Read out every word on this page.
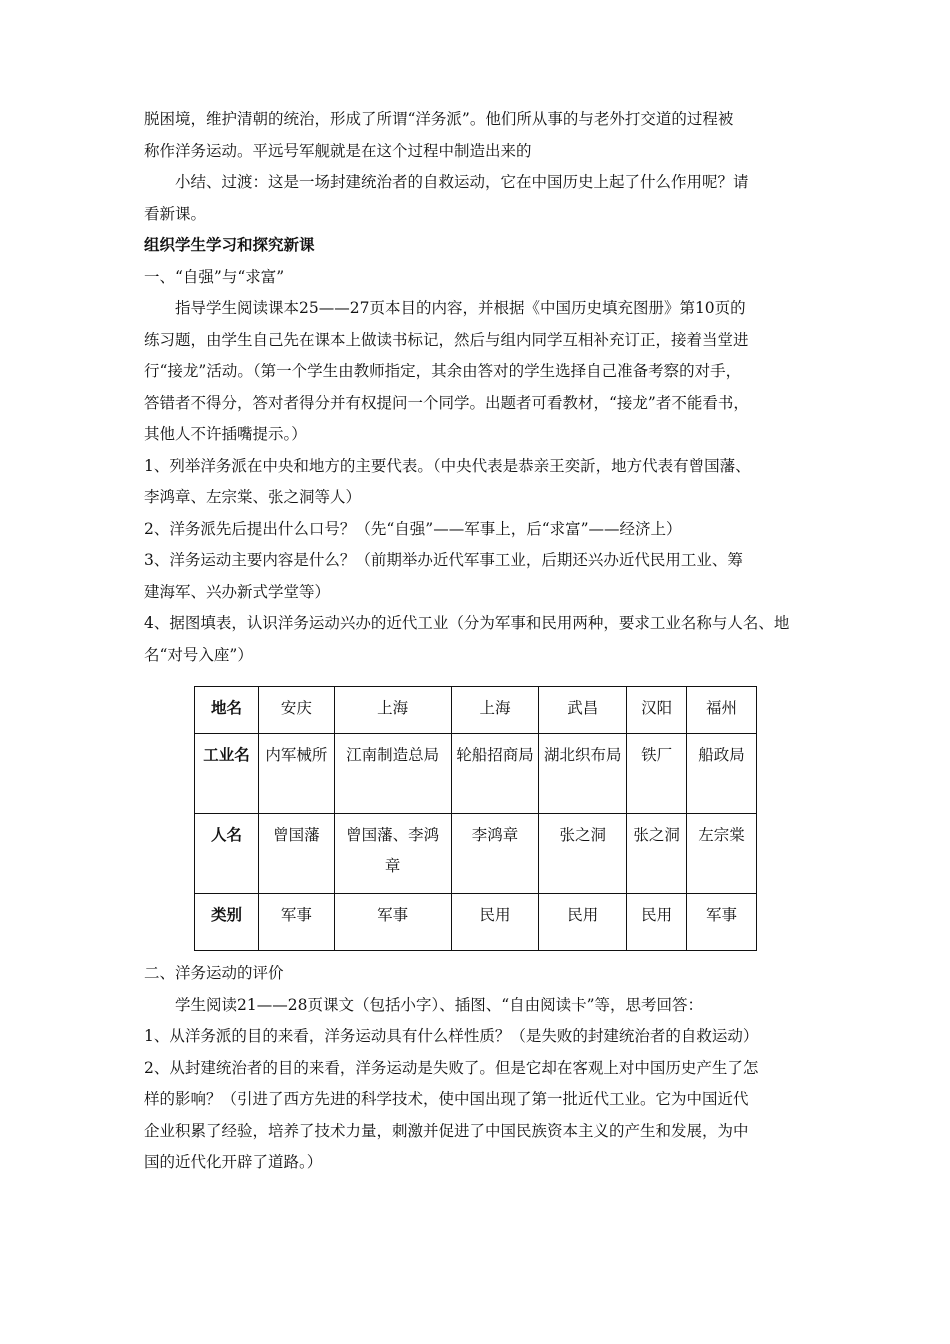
脱困境，维护清朝的统治，形成了所谓“洋务派”。他们所从事的与老外打交道的过程被

称作洋务运动。平远号军舰就是在这个过程中制造出来的

小结、过渡：这是一场封建统治者的自救运动，它在中国历史上起了什么作用呢？请

看新课。

组织学生学习和探究新课

一、“自强”与“求富”

指导学生阅读课本25——27页本目的内容，并根据《中国历史填充图册》第10页的

练习题，由学生自己先在课本上做读书标记，然后与组内同学互相补充订正，接着当堂进

行“接龙”活动。（第一个学生由教师指定，其余由答对的学生选择自己准备考察的对手，

答错者不得分，答对者得分并有权提问一个同学。出题者可看教材，“接龙”者不能看书，

其他人不许插嘴提示。）

1、列举洋务派在中央和地方的主要代表。（中央代表是恭亲王奕訢，地方代表有曾国藩、

李鸿章、左宗棠、张之洞等人）

2、洋务派先后提出什么口号？（先“自强”——军事上，后“求富”——经济上）

3、洋务运动主要内容是什么？（前期举办近代军事工业，后期还兴办近代民用工业、筹

建海军、兴办新式学堂等）

4、据图填表，认识洋务运动兴办的近代工业（分为军事和民用两种，要求工业名称与人名、地

名“对号入座”）

地名	安庆	上海	上海	武昌	汉阳	福州
工业名	内军械所	江南制造总局	轮船招商局	湖北织布局	铁厂	船政局
人名	曾国藩	曾国藩、李鸿章	李鸿章	张之洞	张之洞	左宗棠
类别	军事	军事	民用	民用	民用	军事

二、洋务运动的评价

学生阅读21——28页课文（包括小字）、插图、“自由阅读卡”等，思考回答：

1、从洋务派的目的来看，洋务运动具有什么样性质？（是失败的封建统治者的自救运动）

2、从封建统治者的目的来看，洋务运动是失败了。但是它却在客观上对中国历史产生了怎

样的影响？（引进了西方先进的科学技术，使中国出现了第一批近代工业。它为中国近代

企业积累了经验，培养了技术力量，刺激并促进了中国民族资本主义的产生和发展，为中

国的近代化开辟了道路。）
